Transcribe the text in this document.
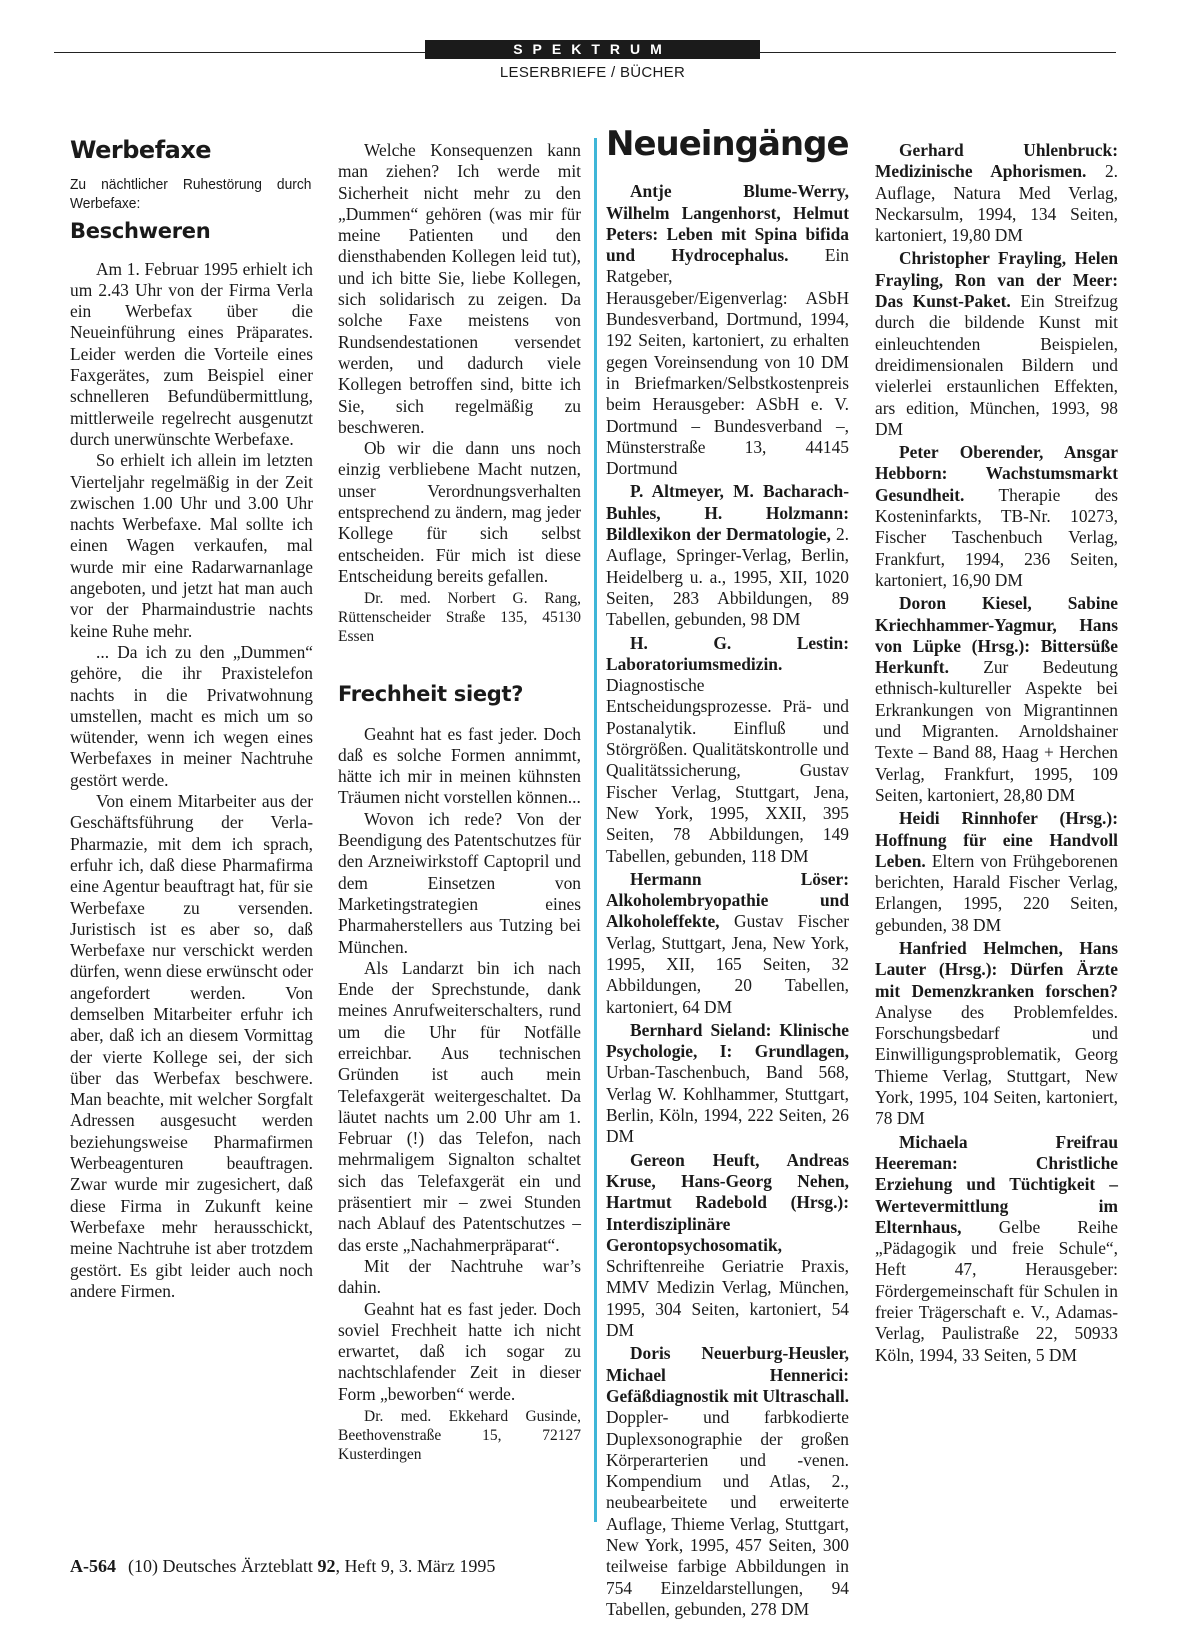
SPEKTRUM
LESERBRIEFE / BÜCHER
Werbefaxe
Zu nächtlicher Ruhestörung durch Werbefaxe:
Beschweren

Am 1. Februar 1995 erhielt ich um 2.43 Uhr von der Firma Verla ein Werbefax über die Neueinführung eines Präparates. Leider werden die Vorteile eines Faxgerätes, zum Beispiel einer schnelleren Befundübermittlung, mittlerweile regelrecht ausgenutzt durch unerwünschte Werbefaxe.

So erhielt ich allein im letzten Vierteljahr regelmäßig in der Zeit zwischen 1.00 Uhr und 3.00 Uhr nachts Werbefaxe. Mal sollte ich einen Wagen verkaufen, mal wurde mir eine Radarwarnanlage angeboten, und jetzt hat man auch vor der Pharmaindustrie nachts keine Ruhe mehr.

... Da ich zu den „Dummen“ gehöre, die ihr Praxistelefon nachts in die Privatwohnung umstellen, macht es mich um so wütender, wenn ich wegen eines Werbefaxes in meiner Nachtruhe gestört werde.

Von einem Mitarbeiter aus der Geschäftsführung der Verla-Pharmazie, mit dem ich sprach, erfuhr ich, daß diese Pharmafirma eine Agentur beauftragt hat, für sie Werbefaxe zu versenden. Juristisch ist es aber so, daß Werbefaxe nur verschickt werden dürfen, wenn diese erwünscht oder angefordert werden. Von demselben Mitarbeiter erfuhr ich aber, daß ich an diesem Vormittag der vierte Kollege sei, der sich über das Werbefax beschwere. Man beachte, mit welcher Sorgfalt Adressen ausgesucht werden beziehungsweise Pharmafirmen Werbeagenturen beauftragen. Zwar wurde mir zugesichert, daß diese Firma in Zukunft keine Werbefaxe mehr herausschickt, meine Nachtruhe ist aber trotzdem gestört. Es gibt leider auch noch andere Firmen.

Welche Konsequenzen kann man ziehen? Ich werde mit Sicherheit nicht mehr zu den „Dummen“ gehören (was mir für meine Patienten und den diensthabenden Kollegen leid tut), und ich bitte Sie, liebe Kollegen, sich solidarisch zu zeigen. Da solche Faxe meistens von Rundsendestationen versendet werden, und dadurch viele Kollegen betroffen sind, bitte ich Sie, sich regelmäßig zu beschweren.

Ob wir die dann uns noch einzig verbliebene Macht nutzen, unser Verordnungsverhalten entsprechend zu ändern, mag jeder Kollege für sich selbst entscheiden. Für mich ist diese Entscheidung bereits gefallen.

Dr. med. Norbert G. Rang, Rüttenscheider Straße 135, 45130 Essen

Frechheit siegt?

Geahnt hat es fast jeder. Doch daß es solche Formen annimmt, hätte ich mir in meinen kühnsten Träumen nicht vorstellen können...

Wovon ich rede? Von der Beendigung des Patentschutzes für den Arzneiwirkstoff Captopril und dem Einsetzen von Marketingstrategien eines Pharmaherstellers aus Tutzing bei München.

Als Landarzt bin ich nach Ende der Sprechstunde, dank meines Anrufweiterschalters, rund um die Uhr für Notfälle erreichbar. Aus technischen Gründen ist auch mein Telefaxgerät weitergeschaltet. Da läutet nachts um 2.00 Uhr am 1. Februar (!) das Telefon, nach mehrmaligem Signalton schaltet sich das Telefaxgerät ein und präsentiert mir – zwei Stunden nach Ablauf des Patentschutzes – das erste „Nachahmerpräparat“.

Mit der Nachtruhe war’s dahin.

Geahnt hat es fast jeder. Doch soviel Frechheit hatte ich nicht erwartet, daß ich sogar zu nachtschlafender Zeit in dieser Form „beworben“ werde.

Dr. med. Ekkehard Gusinde, Beethovenstraße 15, 72127 Kusterdingen

Neueingänge

Antje Blume-Werry, Wilhelm Langenhorst, Helmut Peters: Leben mit Spina bifida und Hydrocephalus. Ein Ratgeber, Herausgeber/Eigenverlag: ASbH Bundesverband, Dortmund, 1994, 192 Seiten, kartoniert, zu erhalten gegen Voreinsendung von 10 DM in Briefmarken/Selbstkostenpreis beim Herausgeber: ASbH e. V. Dortmund – Bundesverband –, Münsterstraße 13, 44145 Dortmund

P. Altmeyer, M. Bacharach-Buhles, H. Holzmann: Bildlexikon der Dermatologie, 2. Auflage, Springer-Verlag, Berlin, Heidelberg u. a., 1995, XII, 1020 Seiten, 283 Abbildungen, 89 Tabellen, gebunden, 98 DM

H. G. Lestin: Laboratoriumsmedizin. Diagnostische Entscheidungsprozesse. Prä- und Postanalytik. Einfluß und Störgrößen. Qualitätskontrolle und Qualitätssicherung, Gustav Fischer Verlag, Stuttgart, Jena, New York, 1995, XXII, 395 Seiten, 78 Abbildungen, 149 Tabellen, gebunden, 118 DM

Hermann Löser: Alkoholembryopathie und Alkoholeffekte, Gustav Fischer Verlag, Stuttgart, Jena, New York, 1995, XII, 165 Seiten, 32 Abbildungen, 20 Tabellen, kartoniert, 64 DM

Bernhard Sieland: Klinische Psychologie, I: Grundlagen, Urban-Taschenbuch, Band 568, Verlag W. Kohlhammer, Stuttgart, Berlin, Köln, 1994, 222 Seiten, 26 DM

Gereon Heuft, Andreas Kruse, Hans-Georg Nehen, Hartmut Radebold (Hrsg.): Interdisziplinäre Gerontopsychosomatik, Schriftenreihe Geriatrie Praxis, MMV Medizin Verlag, München, 1995, 304 Seiten, kartoniert, 54 DM

Doris Neuerburg-Heusler, Michael Hennerici: Gefäßdiagnostik mit Ultraschall. Doppler- und farbkodierte Duplexsonographie der großen Körperarterien und -venen. Kompendium und Atlas, 2., neubearbeitete und erweiterte Auflage, Thieme Verlag, Stuttgart, New York, 1995, 457 Seiten, 300 teilweise farbige Abbildungen in 754 Einzeldarstellungen, 94 Tabellen, gebunden, 278 DM

Gerhard Uhlenbruck: Medizinische Aphorismen. 2. Auflage, Natura Med Verlag, Neckarsulm, 1994, 134 Seiten, kartoniert, 19,80 DM

Christopher Frayling, Helen Frayling, Ron van der Meer: Das Kunst-Paket. Ein Streifzug durch die bildende Kunst mit einleuchtenden Beispielen, dreidimensionalen Bildern und vielerlei erstaunlichen Effekten, ars edition, München, 1993, 98 DM

Peter Oberender, Ansgar Hebborn: Wachstumsmarkt Gesundheit. Therapie des Kosteninfarkts, TB-Nr. 10273, Fischer Taschenbuch Verlag, Frankfurt, 1994, 236 Seiten, kartoniert, 16,90 DM

Doron Kiesel, Sabine Kriechhammer-Yagmur, Hans von Lüpke (Hrsg.): Bittersüße Herkunft. Zur Bedeutung ethnisch-kultureller Aspekte bei Erkrankungen von Migrantinnen und Migranten. Arnoldshainer Texte – Band 88, Haag + Herchen Verlag, Frankfurt, 1995, 109 Seiten, kartoniert, 28,80 DM

Heidi Rinnhofer (Hrsg.): Hoffnung für eine Handvoll Leben. Eltern von Frühgeborenen berichten, Harald Fischer Verlag, Erlangen, 1995, 220 Seiten, gebunden, 38 DM

Hanfried Helmchen, Hans Lauter (Hrsg.): Dürfen Ärzte mit Demenzkranken forschen? Analyse des Problemfeldes. Forschungsbedarf und Einwilligungsproblematik, Georg Thieme Verlag, Stuttgart, New York, 1995, 104 Seiten, kartoniert, 78 DM

Michaela Freifrau Heereman: Christliche Erziehung und Tüchtigkeit – Wertevermittlung im Elternhaus, Gelbe Reihe „Pädagogik und freie Schule“, Heft 47, Herausgeber: Fördergemeinschaft für Schulen in freier Trägerschaft e. V., Adamas-Verlag, Paulistraße 22, 50933 Köln, 1994, 33 Seiten, 5 DM

A-564 (10) Deutsches Ärzteblatt 92, Heft 9, 3. März 1995
